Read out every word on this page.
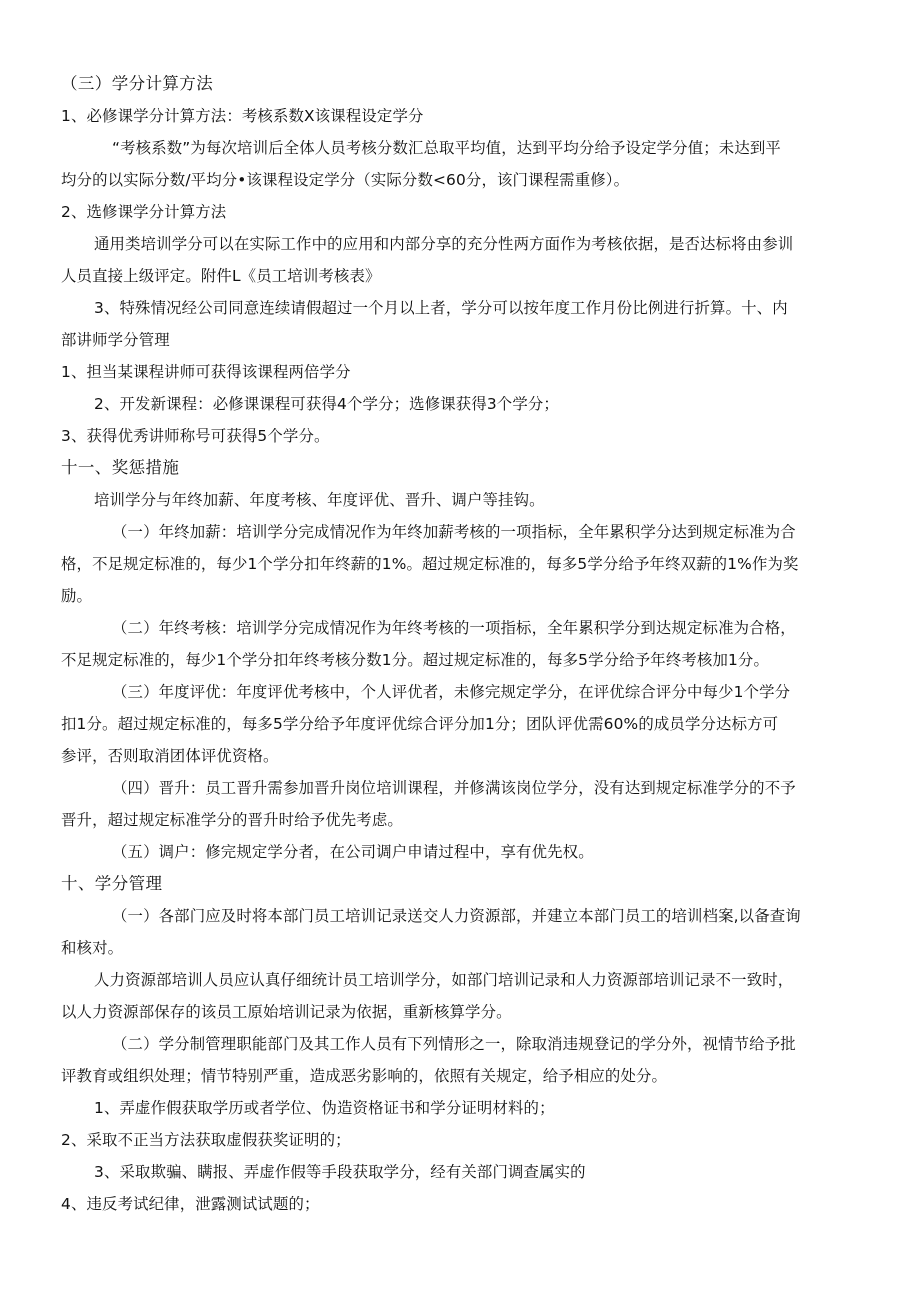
（三）学分计算方法
1、必修课学分计算方法：考核系数X该课程设定学分
“考核系数”为每次培训后全体人员考核分数汇总取平均值，达到平均分给予设定学分值；未达到平
均分的以实际分数/平均分•该课程设定学分（实际分数<60分，该门课程需重修）。
2、选修课学分计算方法
通用类培训学分可以在实际工作中的应用和内部分享的充分性两方面作为考核依据，是否达标将由参训
人员直接上级评定。附件L《员工培训考核表》
3、特殊情况经公司同意连续请假超过一个月以上者，学分可以按年度工作月份比例进行折算。十、内
部讲师学分管理
1、担当某课程讲师可获得该课程两倍学分
2、开发新课程：必修课课程可获得4个学分；选修课获得3个学分；
3、获得优秀讲师称号可获得5个学分。
十一、奖惩措施
培训学分与年终加薪、年度考核、年度评优、晋升、调户等挂钩。
（一）年终加薪：培训学分完成情况作为年终加薪考核的一项指标，全年累积学分达到规定标准为合
格，不足规定标准的，每少1个学分扣年终薪的1%。超过规定标准的，每多5学分给予年终双薪的1%作为奖
励。
（二）年终考核：培训学分完成情况作为年终考核的一项指标，全年累积学分到达规定标准为合格，
不足规定标准的，每少1个学分扣年终考核分数1分。超过规定标准的，每多5学分给予年终考核加1分。
（三）年度评优：年度评优考核中，个人评优者，未修完规定学分，在评优综合评分中每少1个学分
扣1分。超过规定标准的，每多5学分给予年度评优综合评分加1分；团队评优需60%的成员学分达标方可
参评，否则取消团体评优资格。
（四）晋升：员工晋升需参加晋升岗位培训课程，并修满该岗位学分，没有达到规定标准学分的不予
晋升，超过规定标准学分的晋升时给予优先考虑。
（五）调户：修完规定学分者，在公司调户申请过程中，享有优先权。
十、学分管理
（一）各部门应及时将本部门员工培训记录送交人力资源部，并建立本部门员工的培训档案,以备查询
和核对。
人力资源部培训人员应认真仔细统计员工培训学分，如部门培训记录和人力资源部培训记录不一致时，
以人力资源部保存的该员工原始培训记录为依据，重新核算学分。
（二）学分制管理职能部门及其工作人员有下列情形之一，除取消违规登记的学分外，视情节给予批
评教育或组织处理；情节特别严重，造成恶劣影响的，依照有关规定，给予相应的处分。
1、弄虚作假获取学历或者学位、伪造资格证书和学分证明材料的；
2、采取不正当方法获取虚假获奖证明的；
3、采取欺骗、瞒报、弄虚作假等手段获取学分，经有关部门调查属实的
4、违反考试纪律，泄露测试试题的；
